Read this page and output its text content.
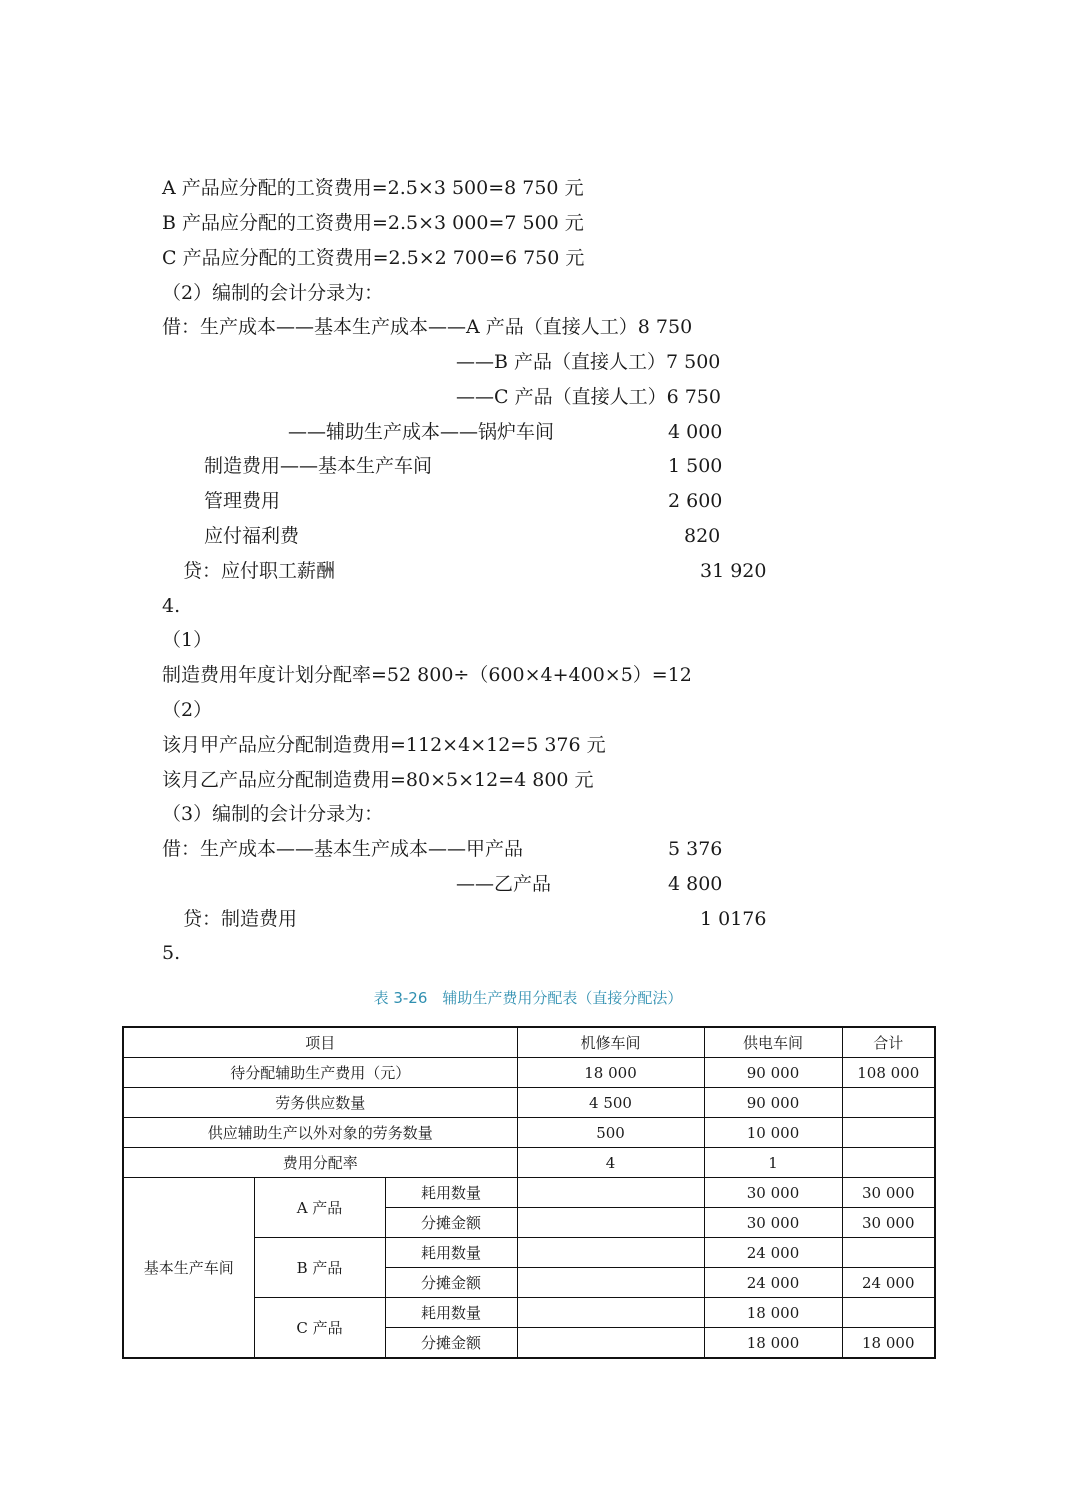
A 产品应分配的工资费用=2.5×3 500=8 750 元

B 产品应分配的工资费用=2.5×3 000=7 500 元

C 产品应分配的工资费用=2.5×2 700=6 750 元

（2）编制的会计分录为：

借：生产成本——基本生产成本——A 产品（直接人工）8 750

——B 产品（直接人工）7 500

——C 产品（直接人工）6 750

——辅助生产成本——锅炉车间	4 000

制造费用——基本生产车间	1 500

管理费用	2 600

应付福利费	820

贷：应付职工薪酬	31 920

4.

（1）

制造费用年度计划分配率=52 800÷（600×4+400×5）=12

（2）

该月甲产品应分配制造费用=112×4×12=5 376 元

该月乙产品应分配制造费用=80×5×12=4 800 元

（3）编制的会计分录为：

借：生产成本——基本生产成本——甲产品	5 376

——乙产品	4 800

贷：制造费用	1 0176

5.

表 3-26　辅助生产费用分配表（直接分配法）
项目			机修车间	供电车间	合计
待分配辅助生产费用（元）			18 000	90 000	108 000
劳务供应数量			4 500	90 000	
供应辅助生产以外对象的劳务数量			500	10 000	
费用分配率			4	1	
基本生产车间	A 产品	耗用数量		30 000	30 000
		分摊金额		30 000	30 000
	B 产品	耗用数量		24 000	
		分摊金额		24 000	24 000
	C 产品	耗用数量		18 000	
		分摊金额		18 000	18 000
